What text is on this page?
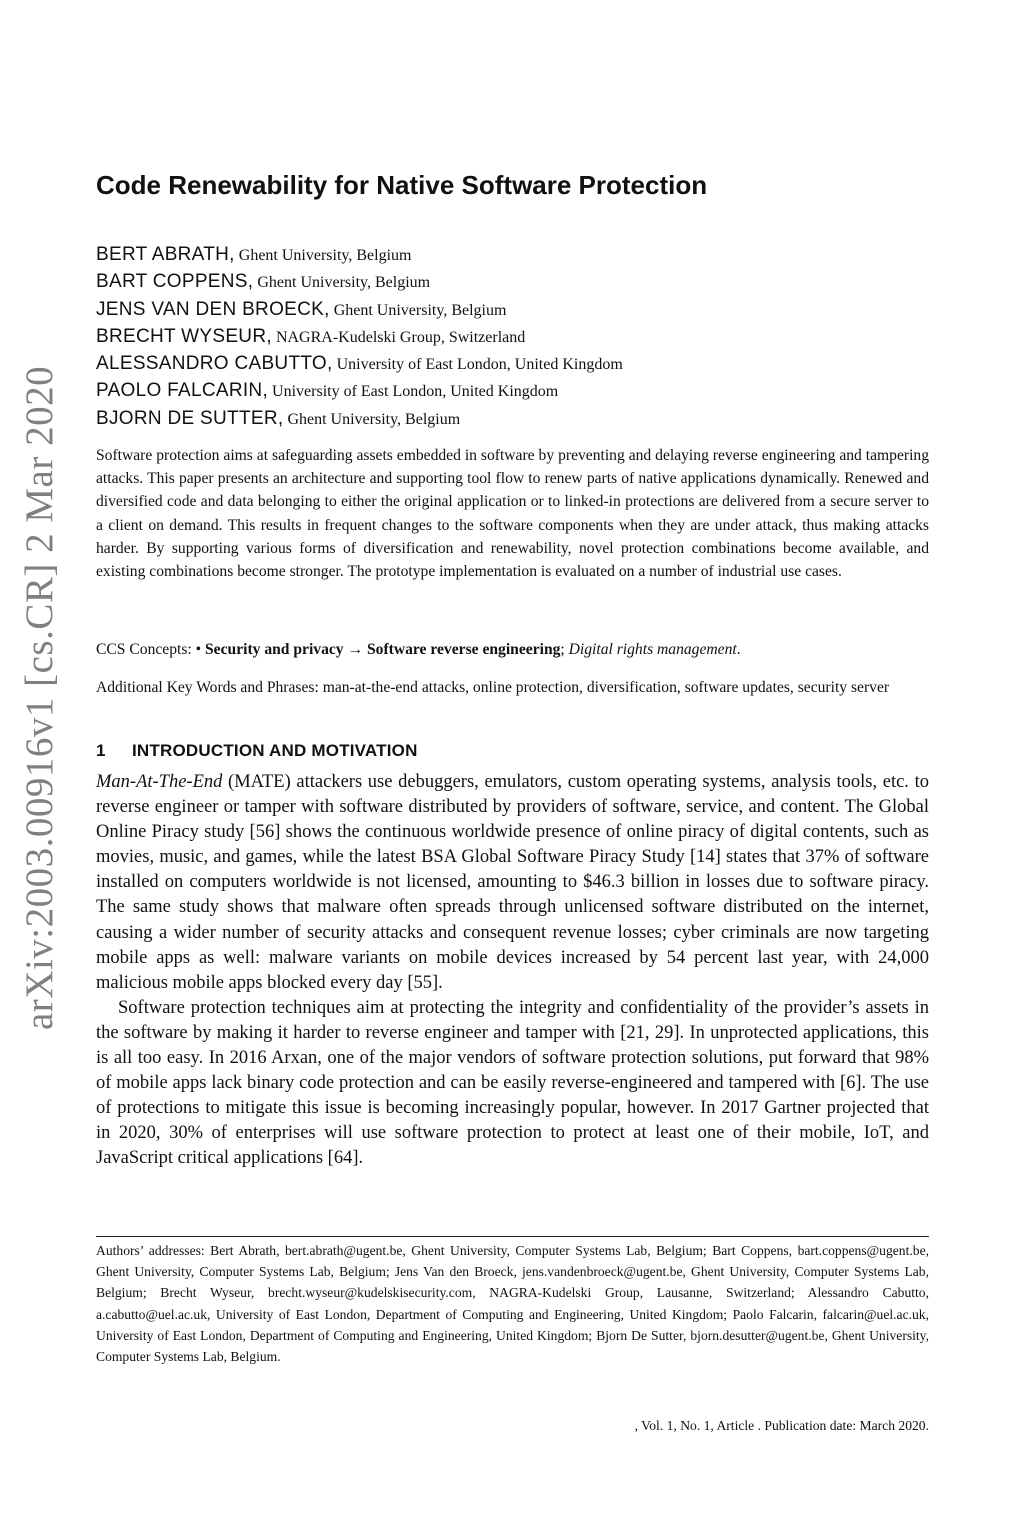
arXiv:2003.00916v1 [cs.CR] 2 Mar 2020
Code Renewability for Native Software Protection
BERT ABRATH, Ghent University, Belgium
BART COPPENS, Ghent University, Belgium
JENS VAN DEN BROECK, Ghent University, Belgium
BRECHT WYSEUR, NAGRA-Kudelski Group, Switzerland
ALESSANDRO CABUTTO, University of East London, United Kingdom
PAOLO FALCARIN, University of East London, United Kingdom
BJORN DE SUTTER, Ghent University, Belgium

Software protection aims at safeguarding assets embedded in software by preventing and delaying reverse engineering and tampering attacks. This paper presents an architecture and supporting tool flow to renew parts of native applications dynamically. Renewed and diversified code and data belonging to either the original application or to linked-in protections are delivered from a secure server to a client on demand. This results in frequent changes to the software components when they are under attack, thus making attacks harder. By supporting various forms of diversification and renewability, novel protection combinations become available, and existing combinations become stronger. The prototype implementation is evaluated on a number of industrial use cases.

CCS Concepts: • Security and privacy → Software reverse engineering; Digital rights management.

Additional Key Words and Phrases: man-at-the-end attacks, online protection, diversification, software updates, security server

1 INTRODUCTION AND MOTIVATION

Man-At-The-End (MATE) attackers use debuggers, emulators, custom operating systems, analysis tools, etc. to reverse engineer or tamper with software distributed by providers of software, service, and content. The Global Online Piracy study [56] shows the continuous worldwide presence of online piracy of digital contents, such as movies, music, and games, while the latest BSA Global Software Piracy Study [14] states that 37% of software installed on computers worldwide is not licensed, amounting to $46.3 billion in losses due to software piracy. The same study shows that malware often spreads through unlicensed software distributed on the internet, causing a wider number of security attacks and consequent revenue losses; cyber criminals are now targeting mobile apps as well: malware variants on mobile devices increased by 54 percent last year, with 24,000 malicious mobile apps blocked every day [55].

Software protection techniques aim at protecting the integrity and confidentiality of the provider’s assets in the software by making it harder to reverse engineer and tamper with [21, 29]. In unprotected applications, this is all too easy. In 2016 Arxan, one of the major vendors of software protection solutions, put forward that 98% of mobile apps lack binary code protection and can be easily reverse-engineered and tampered with [6]. The use of protections to mitigate this issue is becoming increasingly popular, however. In 2017 Gartner projected that in 2020, 30% of enterprises will use software protection to protect at least one of their mobile, IoT, and JavaScript critical applications [64].

Authors’ addresses: Bert Abrath, bert.abrath@ugent.be, Ghent University, Computer Systems Lab, Belgium; Bart Coppens, bart.coppens@ugent.be, Ghent University, Computer Systems Lab, Belgium; Jens Van den Broeck, jens.vandenbroeck@ugent.be, Ghent University, Computer Systems Lab, Belgium; Brecht Wyseur, brecht.wyseur@kudelskisecurity.com, NAGRA-Kudelski Group, Lausanne, Switzerland; Alessandro Cabutto, a.cabutto@uel.ac.uk, University of East London, Department of Computing and Engineering, United Kingdom; Paolo Falcarin, falcarin@uel.ac.uk, University of East London, Department of Computing and Engineering, United Kingdom; Bjorn De Sutter, bjorn.desutter@ugent.be, Ghent University, Computer Systems Lab, Belgium.

, Vol. 1, No. 1, Article . Publication date: March 2020.
